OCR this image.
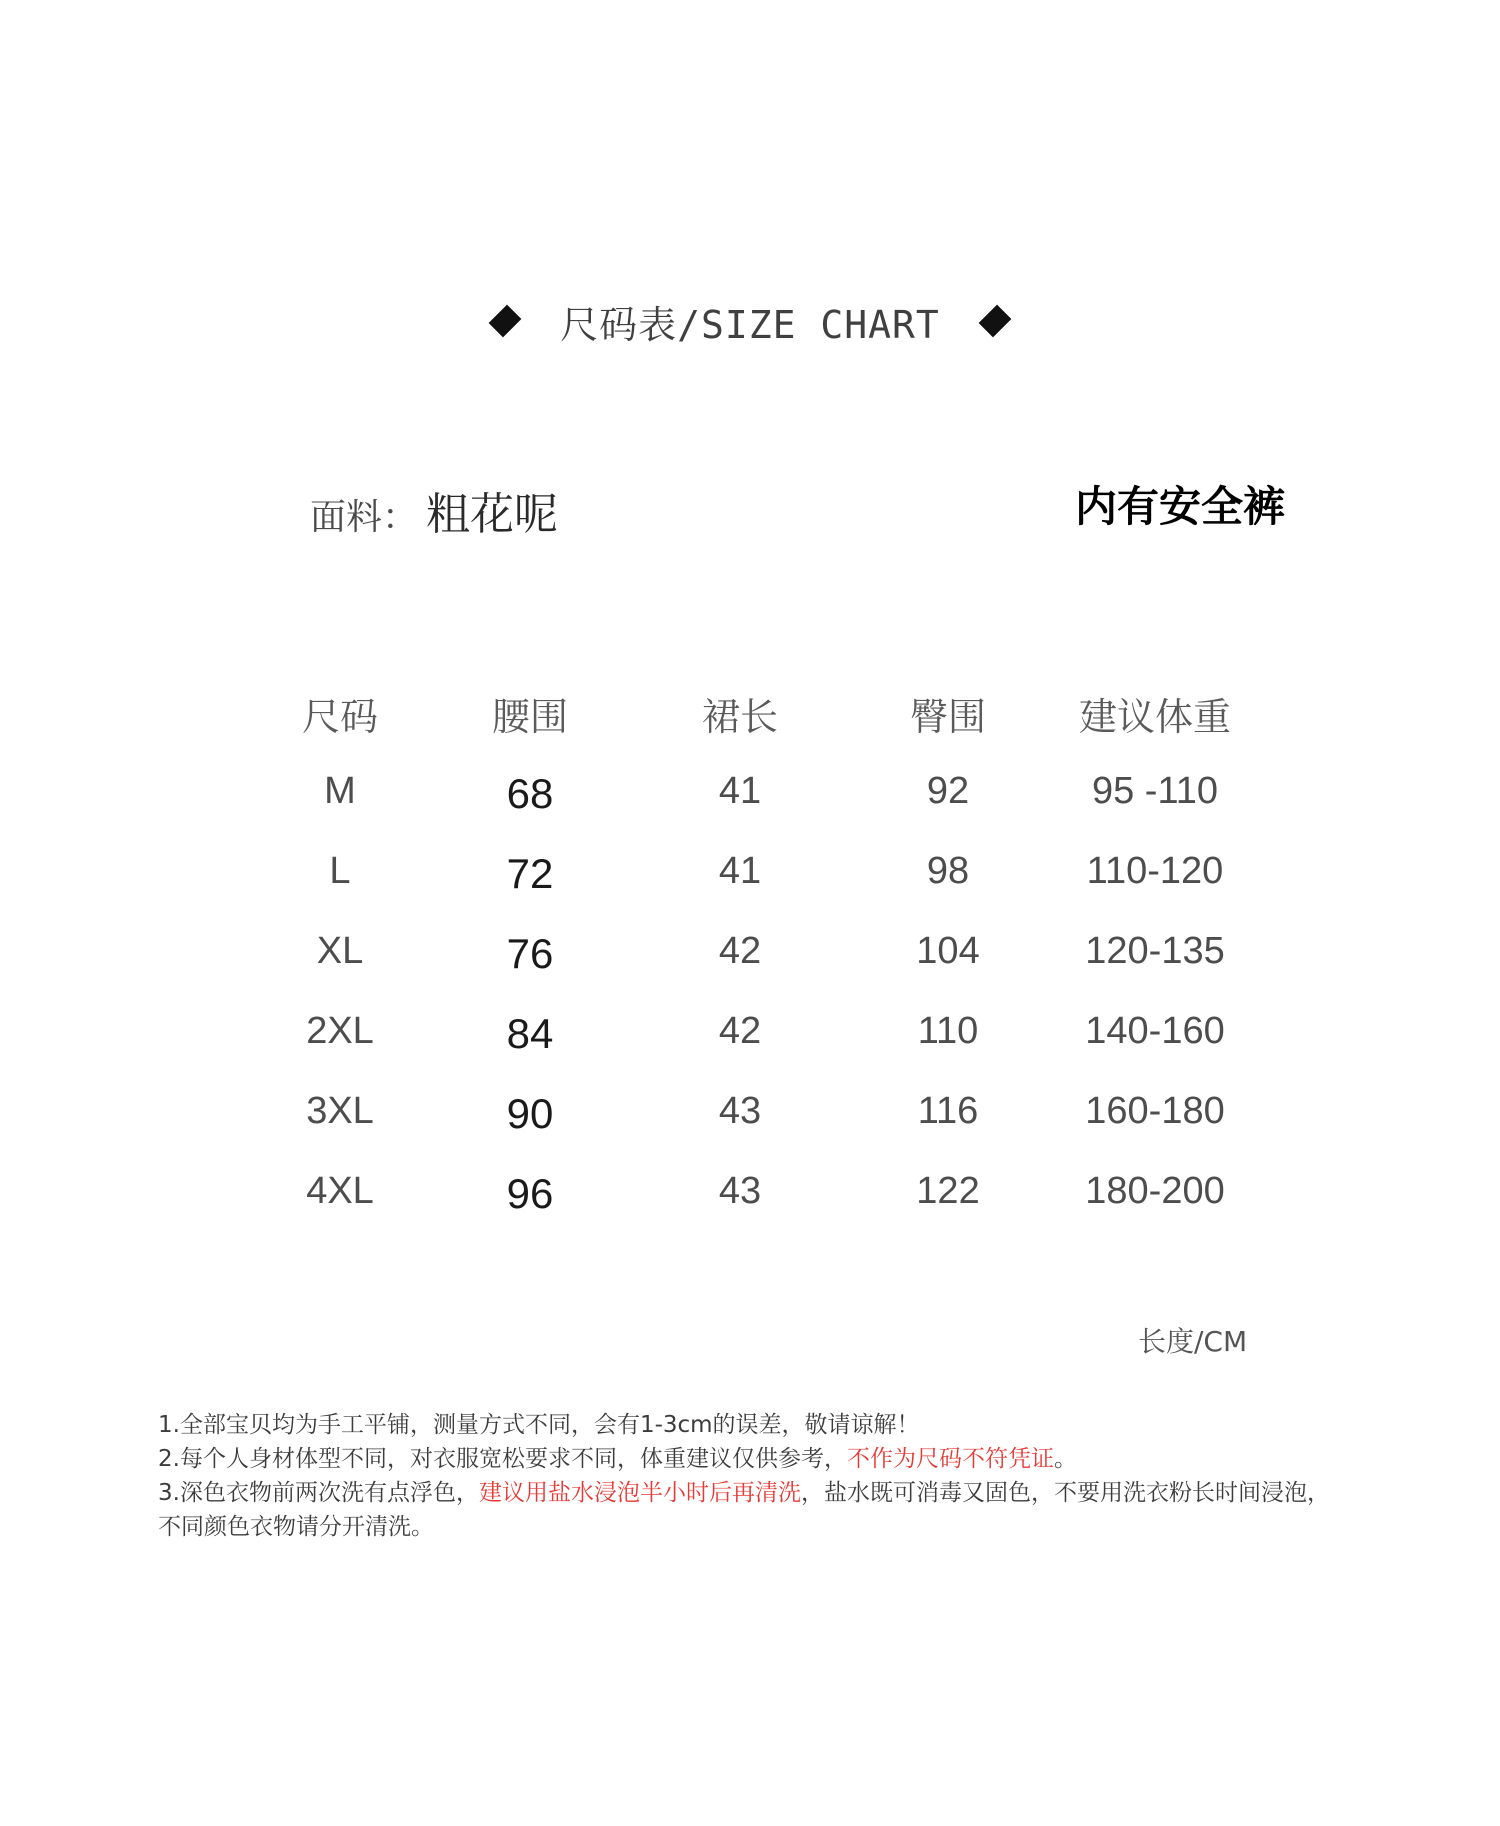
尺码表/SIZE CHART
面料： 粗花呢	内有安全裤
尺码	腰围	裙长	臀围	建议体重
M	68	41	92	95 -110
L	72	41	98	110-120
XL	76	42	104	120-135
2XL	84	42	110	140-160
3XL	90	43	116	160-180
4XL	96	43	122	180-200
长度/CM

1.全部宝贝均为手工平铺，测量方式不同，会有1-3cm的误差，敬请谅解！

2.每个人身材体型不同，对衣服宽松要求不同，体重建议仅供参考，不作为尺码不符凭证。

3.深色衣物前两次洗有点浮色，建议用盐水浸泡半小时后再清洗，盐水既可消毒又固色，不要用洗衣粉长时间浸泡，不同颜色衣物请分开清洗。
